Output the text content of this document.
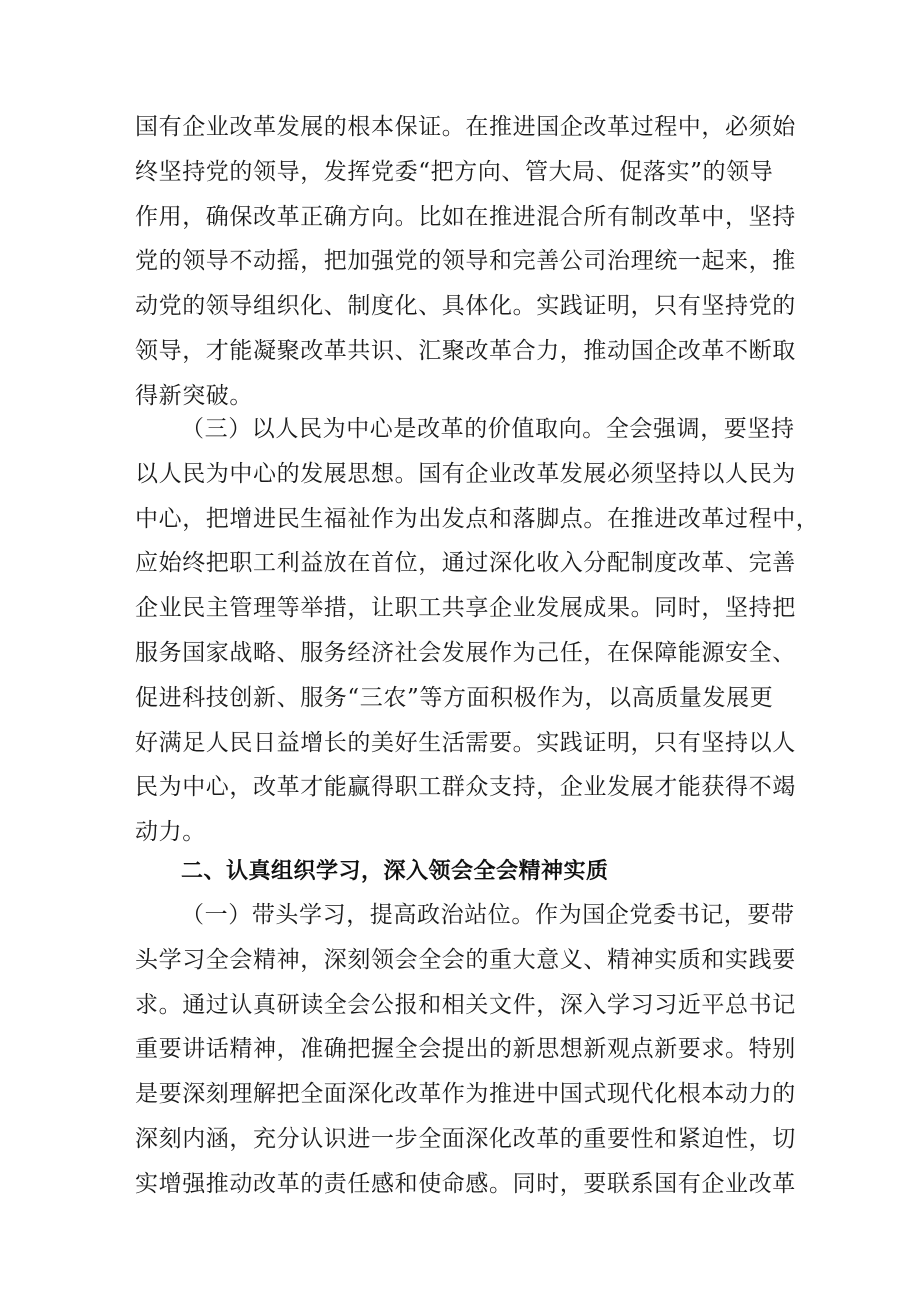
国有企业改革发展的根本保证。在推进国企改革过程中，必须始
终坚持党的领导，发挥党委“把方向、管大局、促落实”的领导
作用，确保改革正确方向。比如在推进混合所有制改革中，坚持
党的领导不动摇，把加强党的领导和完善公司治理统一起来，推
动党的领导组织化、制度化、具体化。实践证明，只有坚持党的
领导，才能凝聚改革共识、汇聚改革合力，推动国企改革不断取
得新突破。
（三）以人民为中心是改革的价值取向。全会强调，要坚持
以人民为中心的发展思想。国有企业改革发展必须坚持以人民为
中心，把增进民生福祉作为出发点和落脚点。在推进改革过程中，
应始终把职工利益放在首位，通过深化收入分配制度改革、完善
企业民主管理等举措，让职工共享企业发展成果。同时，坚持把
服务国家战略、服务经济社会发展作为己任，在保障能源安全、
促进科技创新、服务“三农”等方面积极作为，以高质量发展更
好满足人民日益增长的美好生活需要。实践证明，只有坚持以人
民为中心，改革才能赢得职工群众支持，企业发展才能获得不竭
动力。
二、认真组织学习，深入领会全会精神实质
（一）带头学习，提高政治站位。作为国企党委书记，要带
头学习全会精神，深刻领会全会的重大意义、精神实质和实践要
求。通过认真研读全会公报和相关文件，深入学习习近平总书记
重要讲话精神，准确把握全会提出的新思想新观点新要求。特别
是要深刻理解把全面深化改革作为推进中国式现代化根本动力的
深刻内涵，充分认识进一步全面深化改革的重要性和紧迫性，切
实增强推动改革的责任感和使命感。同时，要联系国有企业改革
